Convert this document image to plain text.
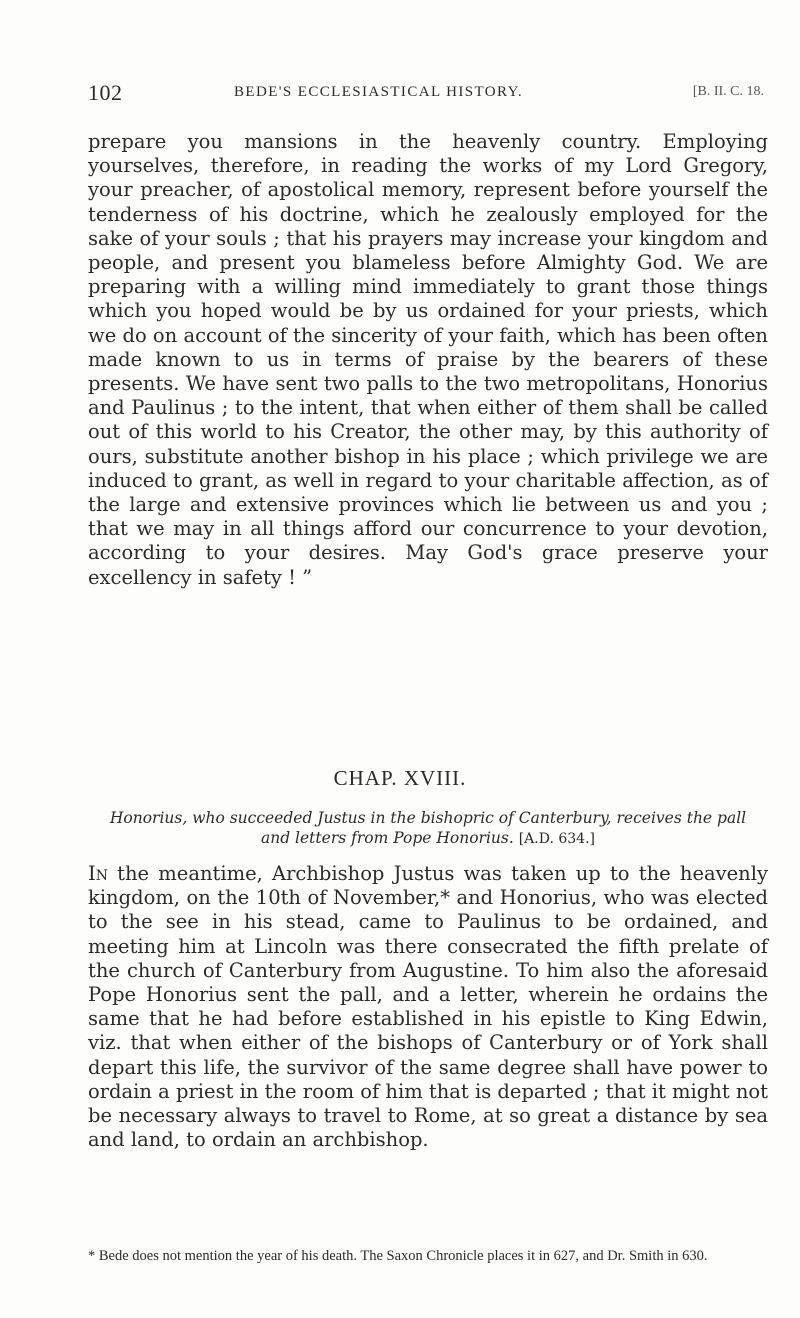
102	BEDE'S ECCLESIASTICAL HISTORY.	[B. II. C. 18.

prepare you mansions in the heavenly country. Employing yourselves, therefore, in reading the works of my Lord Gregory, your preacher, of apostolical memory, represent before yourself the tenderness of his doctrine, which he zealously employed for the sake of your souls ; that his prayers may increase your kingdom and people, and present you blameless before Almighty God. We are preparing with a willing mind immediately to grant those things which you hoped would be by us ordained for your priests, which we do on account of the sincerity of your faith, which has been often made known to us in terms of praise by the bearers of these presents. We have sent two palls to the two metropolitans, Honorius and Paulinus ; to the intent, that when either of them shall be called out of this world to his Creator, the other may, by this authority of ours, substitute another bishop in his place ; which privilege we are induced to grant, as well in regard to your charitable affection, as of the large and extensive provinces which lie between us and you ; that we may in all things afford our concurrence to your devotion, according to your desires. May God's grace preserve your excellency in safety ! ”

CHAP. XVIII.

Honorius, who succeeded Justus in the bishopric of Canterbury, receives the pall and letters from Pope Honorius. [A.D. 634.]

In the meantime, Archbishop Justus was taken up to the heavenly kingdom, on the 10th of November,* and Honorius, who was elected to the see in his stead, came to Paulinus to be ordained, and meeting him at Lincoln was there consecrated the fifth prelate of the church of Canterbury from Augustine. To him also the aforesaid Pope Honorius sent the pall, and a letter, wherein he ordains the same that he had before established in his epistle to King Edwin, viz. that when either of the bishops of Canterbury or of York shall depart this life, the survivor of the same degree shall have power to ordain a priest in the room of him that is departed ; that it might not be necessary always to travel to Rome, at so great a distance by sea and land, to ordain an archbishop.

* Bede does not mention the year of his death. The Saxon Chronicle places it in 627, and Dr. Smith in 630.
